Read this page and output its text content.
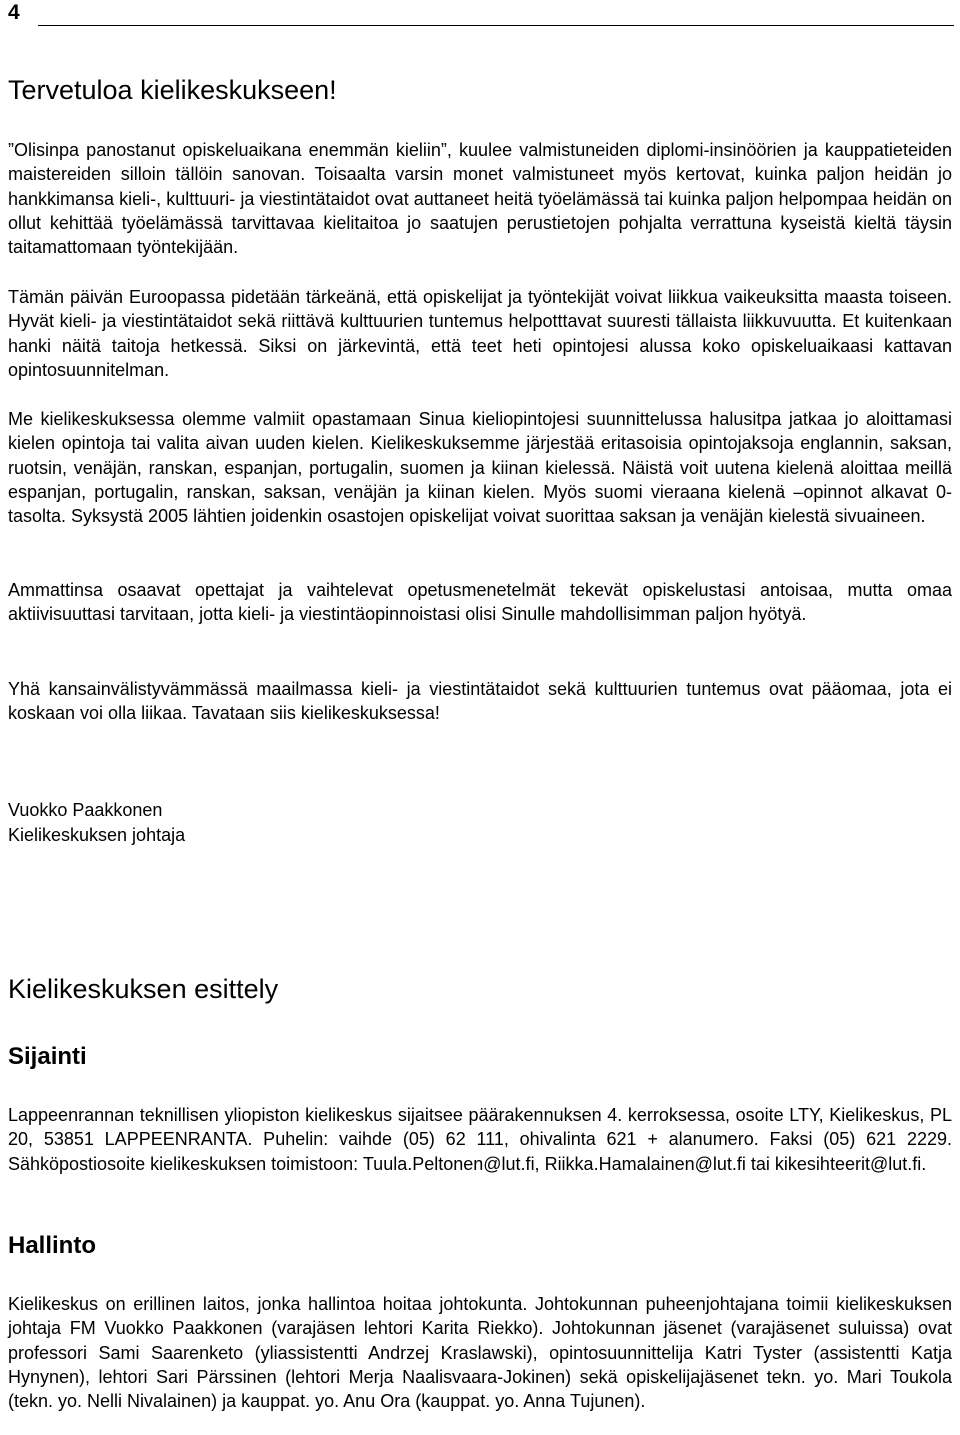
4
Tervetuloa kielikeskukseen!

”Olisinpa panostanut opiskeluaikana enemmän kieliin”, kuulee valmistuneiden diplomi-insinöörien ja kauppatieteiden maistereiden silloin tällöin sanovan. Toisaalta varsin monet valmistuneet myös kertovat, kuinka paljon heidän jo hankkimansa kieli-, kulttuuri- ja viestintätaidot ovat auttaneet heitä työelämässä tai kuinka paljon helpompaa heidän on ollut kehittää työelämässä tarvittavaa kielitaitoa jo saatujen perustietojen pohjalta verrattuna kyseistä kieltä täysin taitamattomaan työntekijään.

Tämän päivän Euroopassa pidetään tärkeänä, että opiskelijat ja työntekijät voivat liikkua vaikeuksitta maasta toiseen. Hyvät kieli- ja viestintätaidot sekä riittävä kulttuurien tuntemus helpotttavat suuresti tällaista liikkuvuutta. Et kuitenkaan hanki näitä taitoja hetkessä. Siksi on järkevintä, että teet heti opintojesi alussa koko opiskeluaikaasi kattavan opintosuunnitelman.

Me kielikeskuksessa olemme valmiit opastamaan Sinua kieliopintojesi suunnittelussa halusitpa jatkaa jo aloittamasi kielen opintoja tai valita aivan uuden kielen. Kielikeskuksemme järjestää eritasoisia opintojaksoja englannin, saksan, ruotsin, venäjän, ranskan, espanjan, portugalin, suomen ja kiinan kielessä. Näistä voit uutena kielenä aloittaa meillä espanjan, portugalin, ranskan, saksan, venäjän ja kiinan kielen. Myös suomi vieraana kielenä –opinnot alkavat 0-tasolta. Syksystä 2005 lähtien joidenkin osastojen opiskelijat voivat suorittaa saksan ja venäjän kielestä sivuaineen.

Ammattinsa osaavat opettajat ja vaihtelevat opetusmenetelmät tekevät opiskelustasi antoisaa, mutta omaa aktiivisuuttasi tarvitaan, jotta kieli- ja viestintäopinnoistasi olisi Sinulle mahdollisimman paljon hyötyä.

Yhä kansainvälistyvämmässä maailmassa kieli- ja viestintätaidot sekä kulttuurien tuntemus ovat pääomaa, jota ei koskaan voi olla liikaa. Tavataan siis kielikeskuksessa!

Vuokko Paakkonen

Kielikeskuksen johtaja

Kielikeskuksen esittely
Sijainti

Lappeenrannan teknillisen yliopiston kielikeskus sijaitsee päärakennuksen 4. kerroksessa, osoite LTY, Kielikeskus, PL 20, 53851 LAPPEENRANTA. Puhelin: vaihde (05) 62 111, ohivalinta 621 + alanumero. Faksi (05) 621 2229. Sähköpostiosoite kielikeskuksen toimistoon: Tuula.Peltonen@lut.fi, Riikka.Hamalainen@lut.fi tai kikesihteerit@lut.fi.

Hallinto

Kielikeskus on erillinen laitos, jonka hallintoa hoitaa johtokunta. Johtokunnan puheenjohtajana toimii kielikeskuksen johtaja FM Vuokko Paakkonen (varajäsen lehtori Karita Riekko). Johtokunnan jäsenet (varajäsenet suluissa) ovat professori Sami Saarenketo (yliassistentti Andrzej Kraslawski), opintosuunnittelija Katri Tyster (assistentti Katja Hynynen), lehtori Sari Pärssinen (lehtori Merja Naalisvaara-Jokinen) sekä opiskelijajäsenet tekn. yo. Mari Toukola (tekn. yo. Nelli Nivalainen) ja kauppat. yo. Anu Ora (kauppat. yo. Anna Tujunen).
